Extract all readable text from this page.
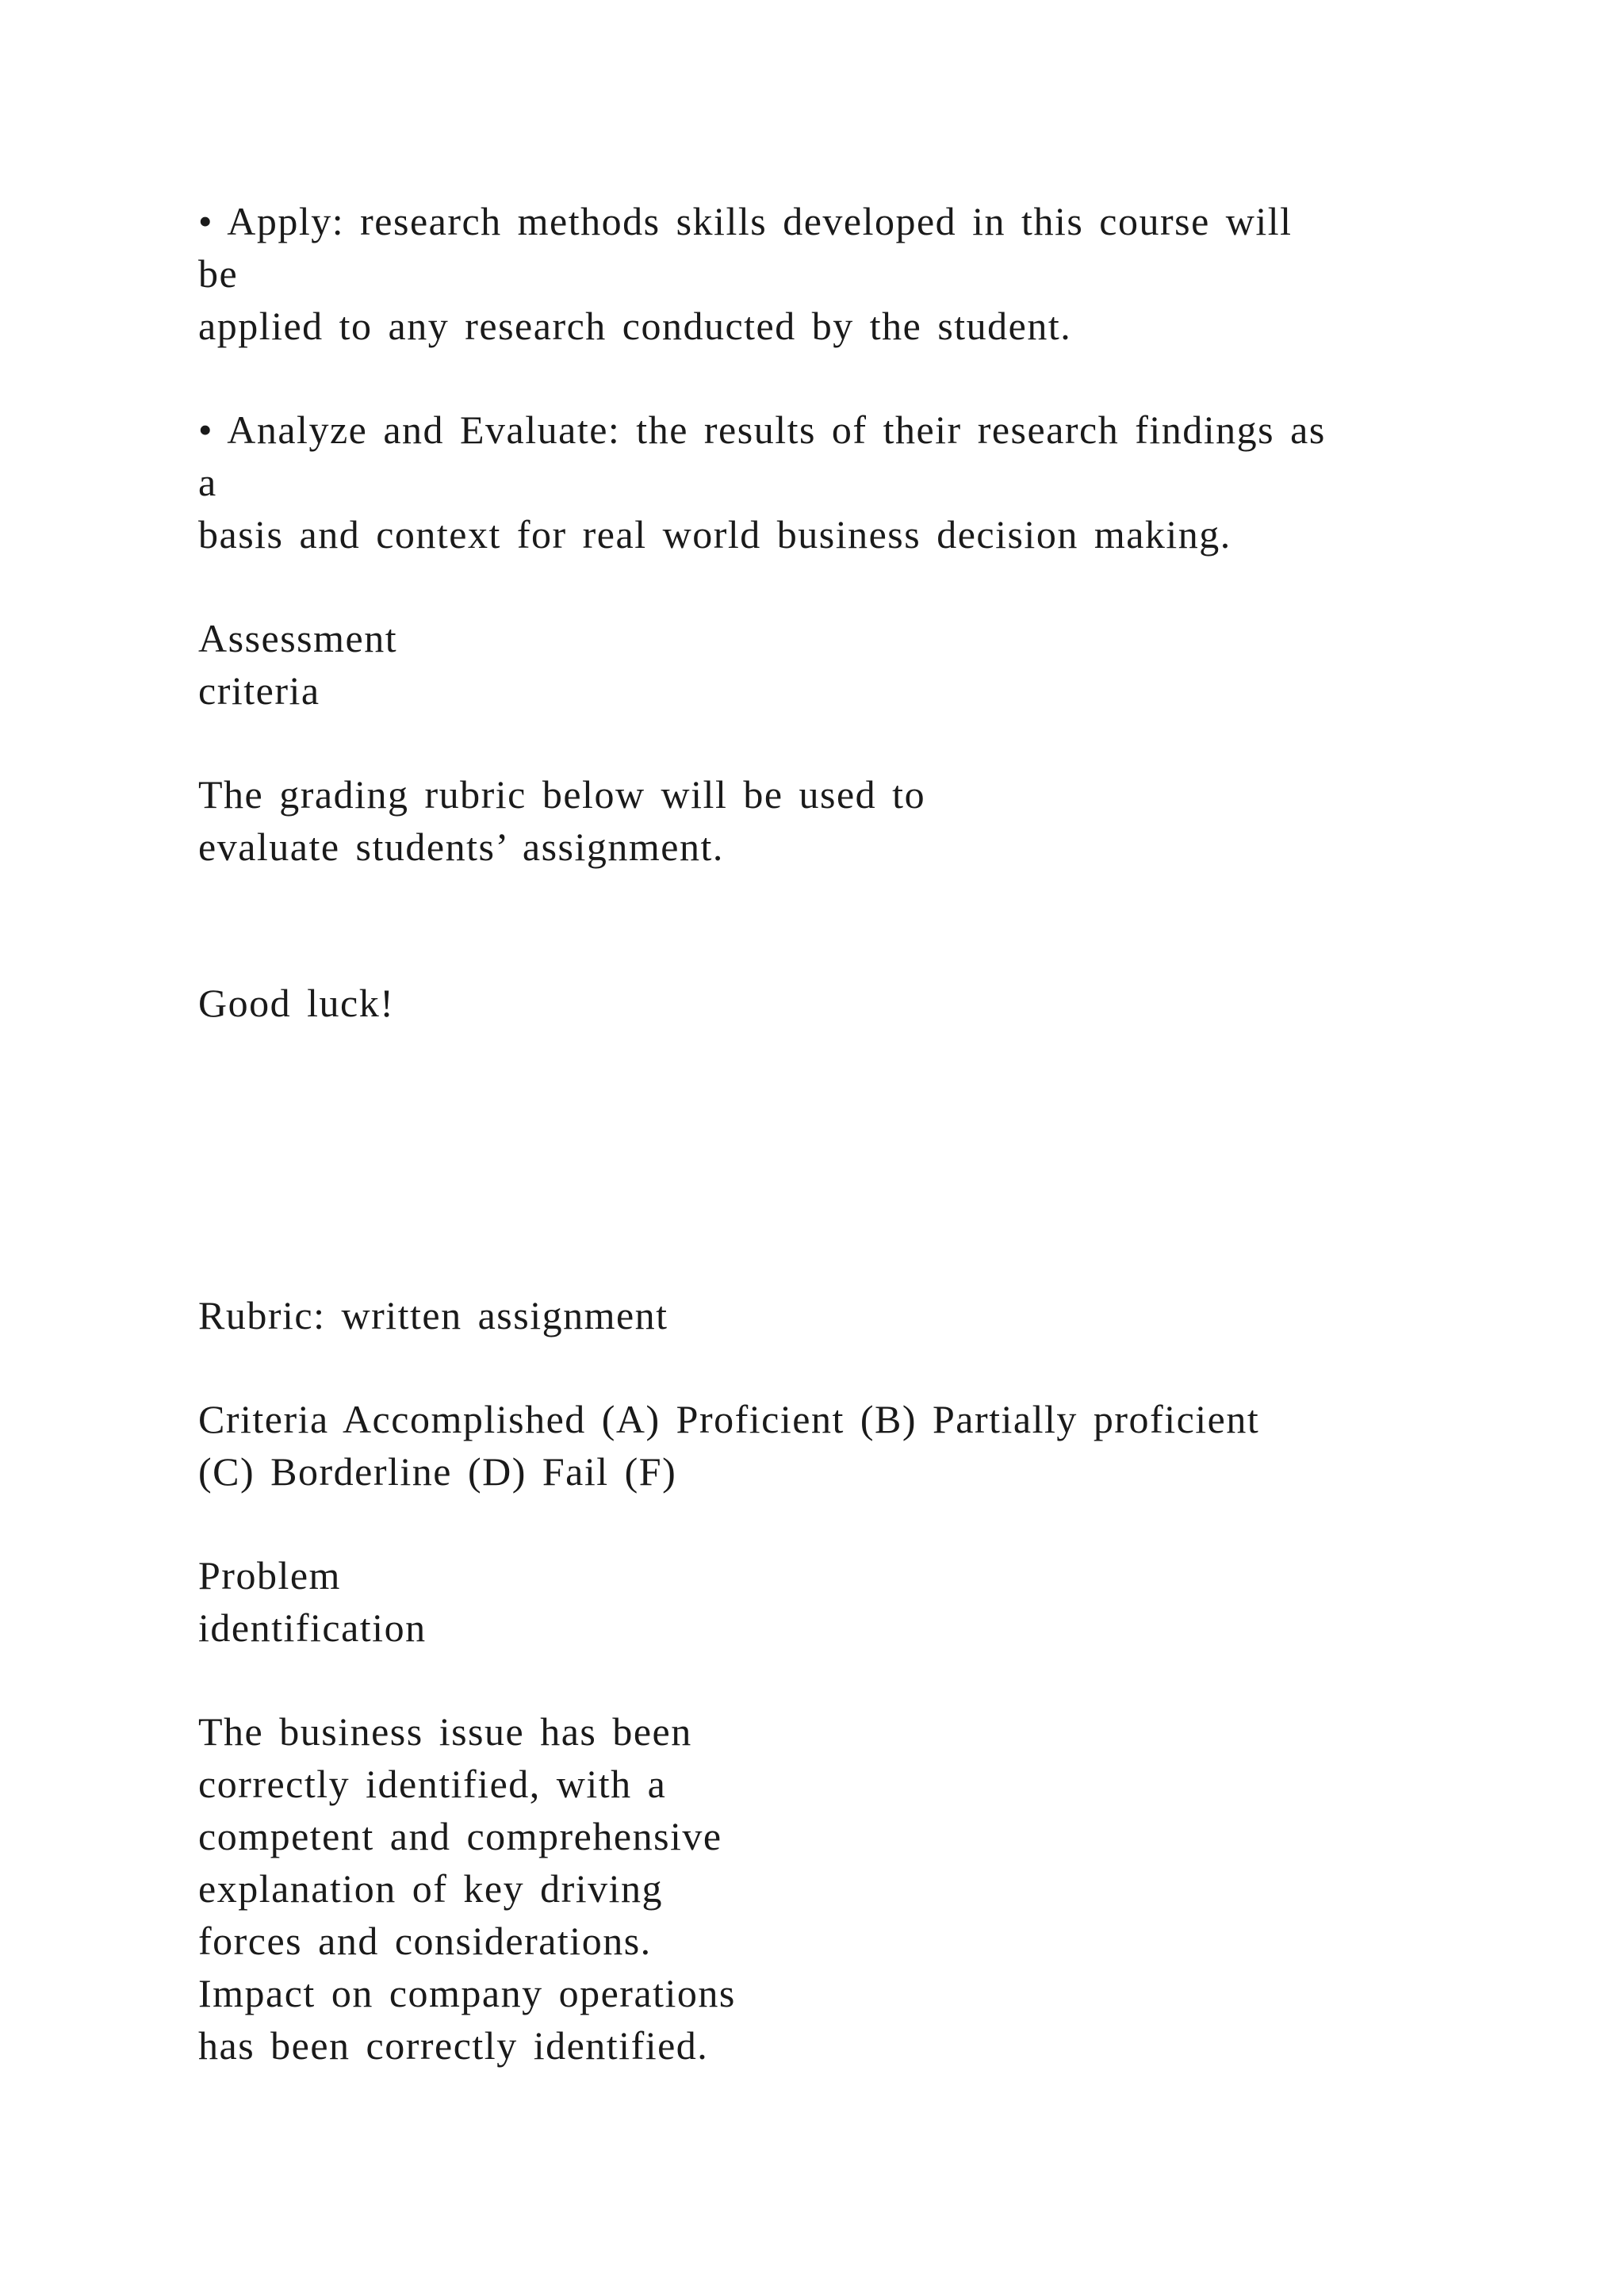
• Apply: research methods skills developed in this course will
be
applied to any research conducted by the student.
• Analyze and Evaluate: the results of their research findings as
a
basis and context for real world business decision making.
Assessment
criteria
The grading rubric below will be used to
evaluate students’ assignment.
Good luck!
Rubric: written assignment
Criteria Accomplished (A) Proficient (B) Partially proficient
(C) Borderline (D) Fail (F)
Problem
identification
The business issue has been
correctly identified, with a
competent and comprehensive
explanation of key driving
forces and considerations.
Impact on company operations
has been correctly identified.
